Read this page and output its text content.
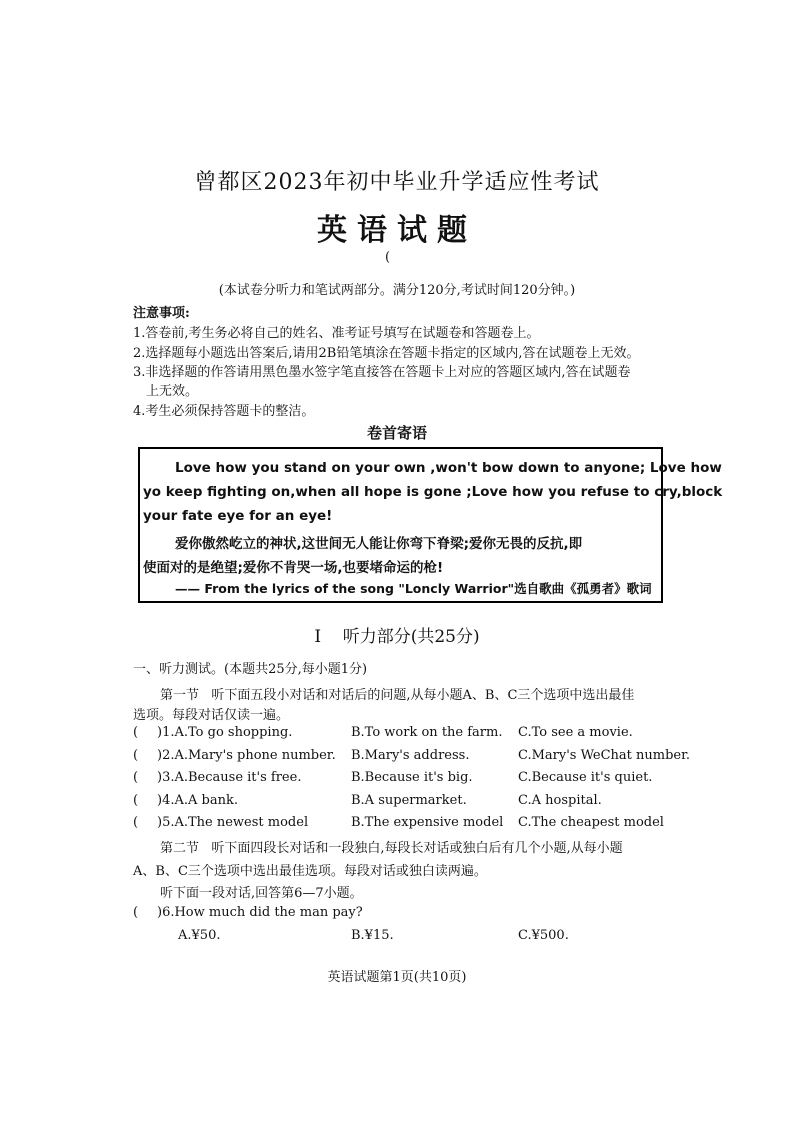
曾都区2023年初中毕业升学适应性考试
英语试题
(
(本试卷分听力和笔试两部分。满分120分,考试时间120分钟。)
注意事项:
1.答卷前,考生务必将自己的姓名、准考证号填写在试题卷和答题卷上。
2.选择题每小题选出答案后,请用2B铅笔填涂在答题卡指定的区域内,答在试题卷上无效。
3.非选择题的作答请用黑色墨水签字笔直接答在答题卡上对应的答题区域内,答在试题卷
上无效。
4.考生必须保持答题卡的整洁。
卷首寄语
Love how you stand on your own ,won't bow down to anyone; Love how
yo keep fighting on,when all hope is gone ;Love how you refuse to cry,block
your fate eye for an eye!
爱你傲然屹立的神状,这世间无人能让你弯下脊梁;爱你无畏的反抗,即
使面对的是绝望;爱你不肯哭一场,也要堵命运的枪!
—— From the lyrics of the song "Loncly Warrior"选自歌曲《孤勇者》歌词
I    听力部分(共25分)
一、听力测试。(本题共25分,每小题1分)
第一节   听下面五段小对话和对话后的问题,从每小题A、B、C三个选项中选出最佳
选项。每段对话仅读一遍。
( )1.A.To go shopping.	B.To work on the farm. C.To see a movie.
( )2.A.Mary's phone number. B.Mary's address.	C.Mary's WeChat number.
( )3.A.Because it's free.	B.Because it's big.	C.Because it's quiet.
( )4.A.A bank.	B.A supermarket.	C.A hospital.
( )5.A.The newest model	B.The expensive model C.The cheapest model
第二节   听下面四段长对话和一段独白,每段长对话或独白后有几个小题,从每小题
A、B、C三个选项中选出最佳选项。每段对话或独白读两遍。
听下面一段对话,回答第6—7小题。
( )6.How much did the man pay?
A.¥50.	B.¥15.	C.¥500.
英语试题第1页(共10页)
